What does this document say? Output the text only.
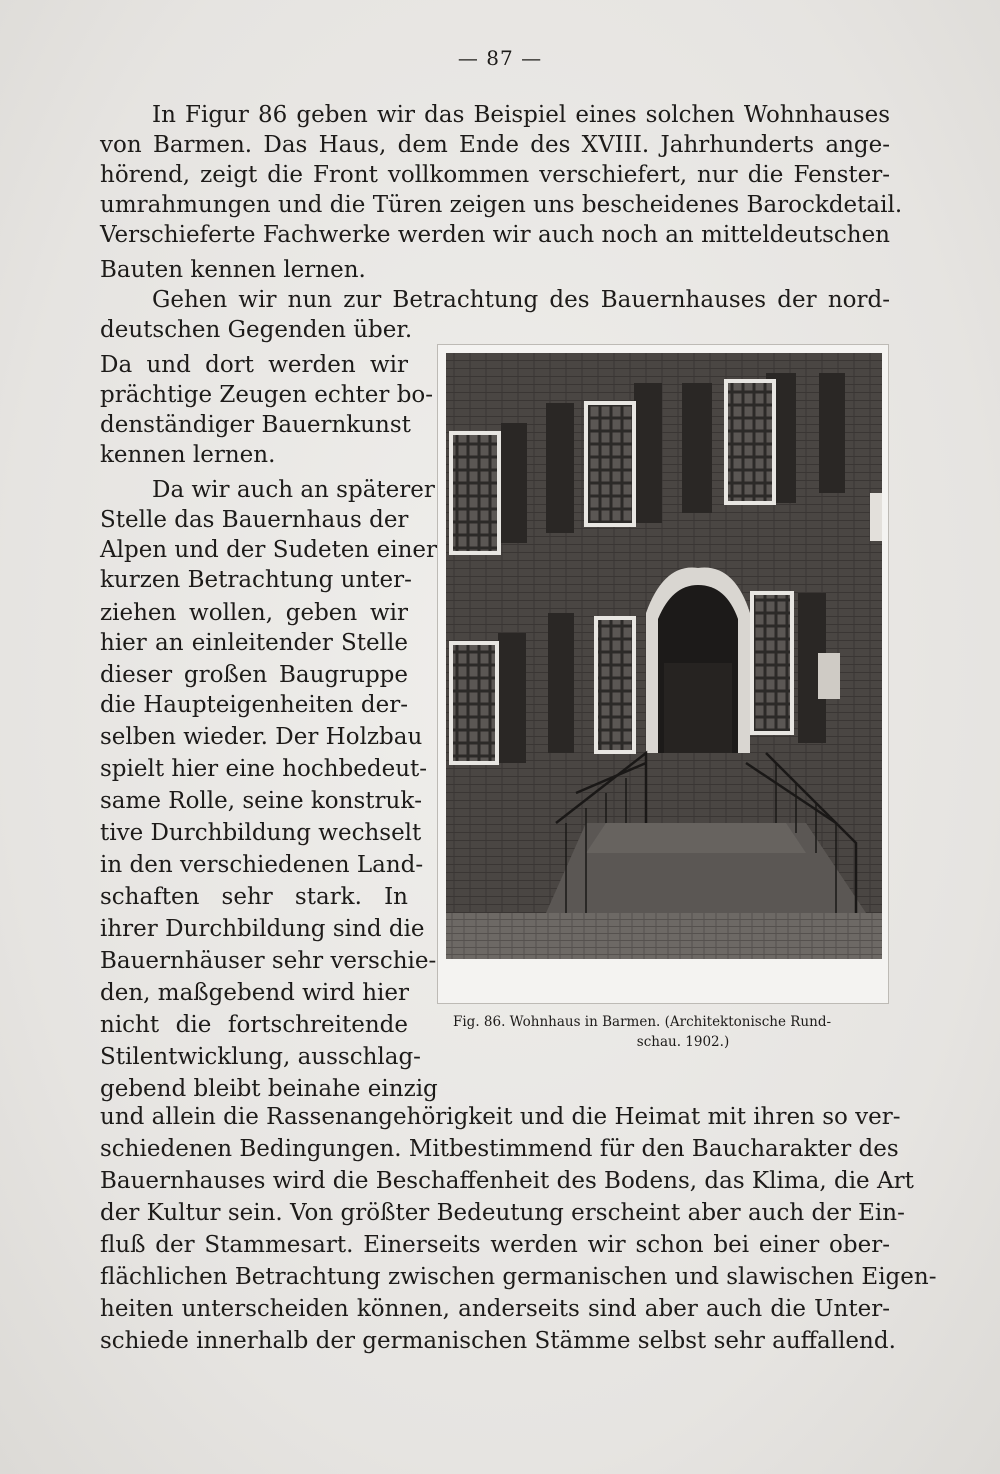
— 87 —
In Figur 86 geben wir das Beispiel eines solchen Wohnhauses
von Barmen. Das Haus, dem Ende des XVIII. Jahrhunderts ange‑
hörend, zeigt die Front vollkommen verschiefert, nur die Fenster‑
umrahmungen und die Türen zeigen uns bescheidenes Barockdetail.
Verschieferte Fachwerke werden wir auch noch an mitteldeutschen
Bauten kennen lernen.
Gehen wir nun zur Betrachtung des Bauernhauses der nord‑
deutschen Gegenden über.
Da und dort werden wir
prächtige Zeugen echter bo‑
denständiger Bauernkunst
kennen lernen.
Da wir auch an späterer
Stelle das Bauernhaus der
Alpen und der Sudeten einer
kurzen Betrachtung unter‑
ziehen wollen, geben wir
hier an einleitender Stelle
dieser großen Baugruppe
die Haupteigenheiten der‑
selben wieder. Der Holzbau
spielt hier eine hochbedeut‑
same Rolle, seine konstruk‑
tive Durchbildung wechselt
in den verschiedenen Land‑
schaften sehr stark. In
ihrer Durchbildung sind die
Bauernhäuser sehr verschie‑
den, maßgebend wird hier
nicht die fortschreitende
Stilentwicklung, ausschlag‑
gebend bleibt beinahe einzig
und allein die Rassenangehörigkeit und die Heimat mit ihren so ver‑
schiedenen Bedingungen. Mitbestimmend für den Baucharakter des
Bauernhauses wird die Beschaffenheit des Bodens, das Klima, die Art
der Kultur sein. Von größter Bedeutung erscheint aber auch der Ein‑
fluß der Stammesart. Einerseits werden wir schon bei einer ober‑
flächlichen Betrachtung zwischen germanischen und slawischen Eigen‑
heiten unterscheiden können, anderseits sind aber auch die Unter‑
schiede innerhalb der germanischen Stämme selbst sehr auffallend.
Fig. 86. Wohnhaus in Barmen. (Architektonische Rund‑
schau. 1902.)
